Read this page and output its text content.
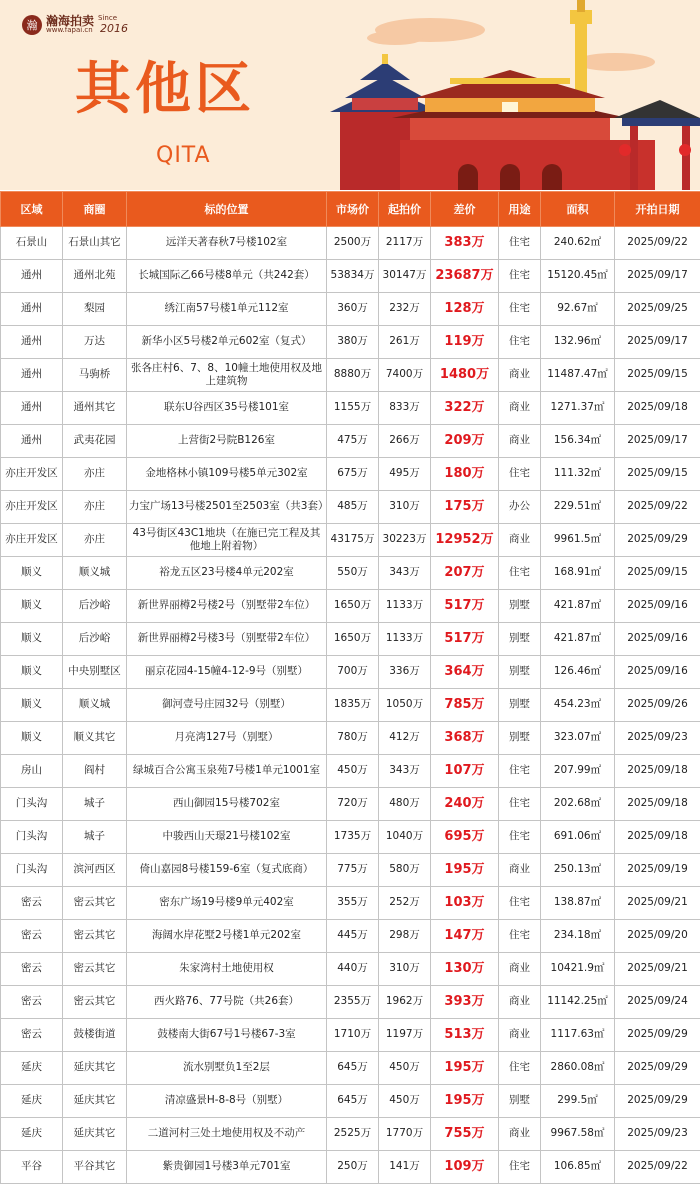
瀚 瀚海拍卖
www.fapai.cn
Since
2016
其他区
QITA
区域	商圈	标的位置	市场价	起拍价	差价	用途	面积	开拍日期
石景山	石景山其它	远洋天著春秋7号楼102室	2500万	2117万	383万	住宅	240.62㎡	2025/09/22
通州	通州北苑	长城国际乙66号楼8单元（共242套）	53834万	30147万	23687万	住宅	15120.45㎡	2025/09/17
通州	梨园	绣江南57号楼1单元112室	360万	232万	128万	住宅	92.67㎡	2025/09/25
通州	万达	新华小区5号楼2单元602室（复式）	380万	261万	119万	住宅	132.96㎡	2025/09/17
通州	马驹桥	张各庄村6、7、8、10幢土地使用权及地上建筑物	8880万	7400万	1480万	商业	11487.47㎡	2025/09/15
通州	通州其它	联东U谷西区35号楼101室	1155万	833万	322万	商业	1271.37㎡	2025/09/18
通州	武夷花园	上营街2号院B126室	475万	266万	209万	商业	156.34㎡	2025/09/17
亦庄开发区	亦庄	金地格林小镇109号楼5单元302室	675万	495万	180万	住宅	111.32㎡	2025/09/15
亦庄开发区	亦庄	力宝广场13号楼2501至2503室（共3套）	485万	310万	175万	办公	229.51㎡	2025/09/22
亦庄开发区	亦庄	43号街区43C1地块（在施已完工程及其他地上附着物）	43175万	30223万	12952万	商业	9961.5㎡	2025/09/29
顺义	顺义城	裕龙五区23号楼4单元202室	550万	343万	207万	住宅	168.91㎡	2025/09/15
顺义	后沙峪	新世界丽樽2号楼2号（别墅带2车位）	1650万	1133万	517万	别墅	421.87㎡	2025/09/16
顺义	后沙峪	新世界丽樽2号楼3号（别墅带2车位）	1650万	1133万	517万	别墅	421.87㎡	2025/09/16
顺义	中央别墅区	丽京花园4-15幢4-12-9号（别墅）	700万	336万	364万	别墅	126.46㎡	2025/09/16
顺义	顺义城	御河壹号庄园32号（别墅）	1835万	1050万	785万	别墅	454.23㎡	2025/09/26
顺义	顺义其它	月亮湾127号（别墅）	780万	412万	368万	别墅	323.07㎡	2025/09/23
房山	阎村	绿城百合公寓玉泉苑7号楼1单元1001室	450万	343万	107万	住宅	207.99㎡	2025/09/18
门头沟	城子	西山御园15号楼702室	720万	480万	240万	住宅	202.68㎡	2025/09/18
门头沟	城子	中骏西山天璟21号楼102室	1735万	1040万	695万	住宅	691.06㎡	2025/09/18
门头沟	滨河西区	倚山嘉园8号楼159-6室（复式底商）	775万	580万	195万	商业	250.13㎡	2025/09/19
密云	密云其它	密东广场19号楼9单元402室	355万	252万	103万	住宅	138.87㎡	2025/09/21
密云	密云其它	海阔水岸花墅2号楼1单元202室	445万	298万	147万	住宅	234.18㎡	2025/09/20
密云	密云其它	朱家湾村土地使用权	440万	310万	130万	商业	10421.9㎡	2025/09/21
密云	密云其它	西火路76、77号院（共26套）	2355万	1962万	393万	商业	11142.25㎡	2025/09/24
密云	鼓楼街道	鼓楼南大街67号1号楼67-3室	1710万	1197万	513万	商业	1117.63㎡	2025/09/29
延庆	延庆其它	流水别墅负1至2层	645万	450万	195万	住宅	2860.08㎡	2025/09/29
延庆	延庆其它	清凉盛景H-8-8号（别墅）	645万	450万	195万	别墅	299.5㎡	2025/09/29
延庆	延庆其它	二道河村三处土地使用权及不动产	2525万	1770万	755万	商业	9967.58㎡	2025/09/23
平谷	平谷其它	紫贵御园1号楼3单元701室	250万	141万	109万	住宅	106.85㎡	2025/09/22
